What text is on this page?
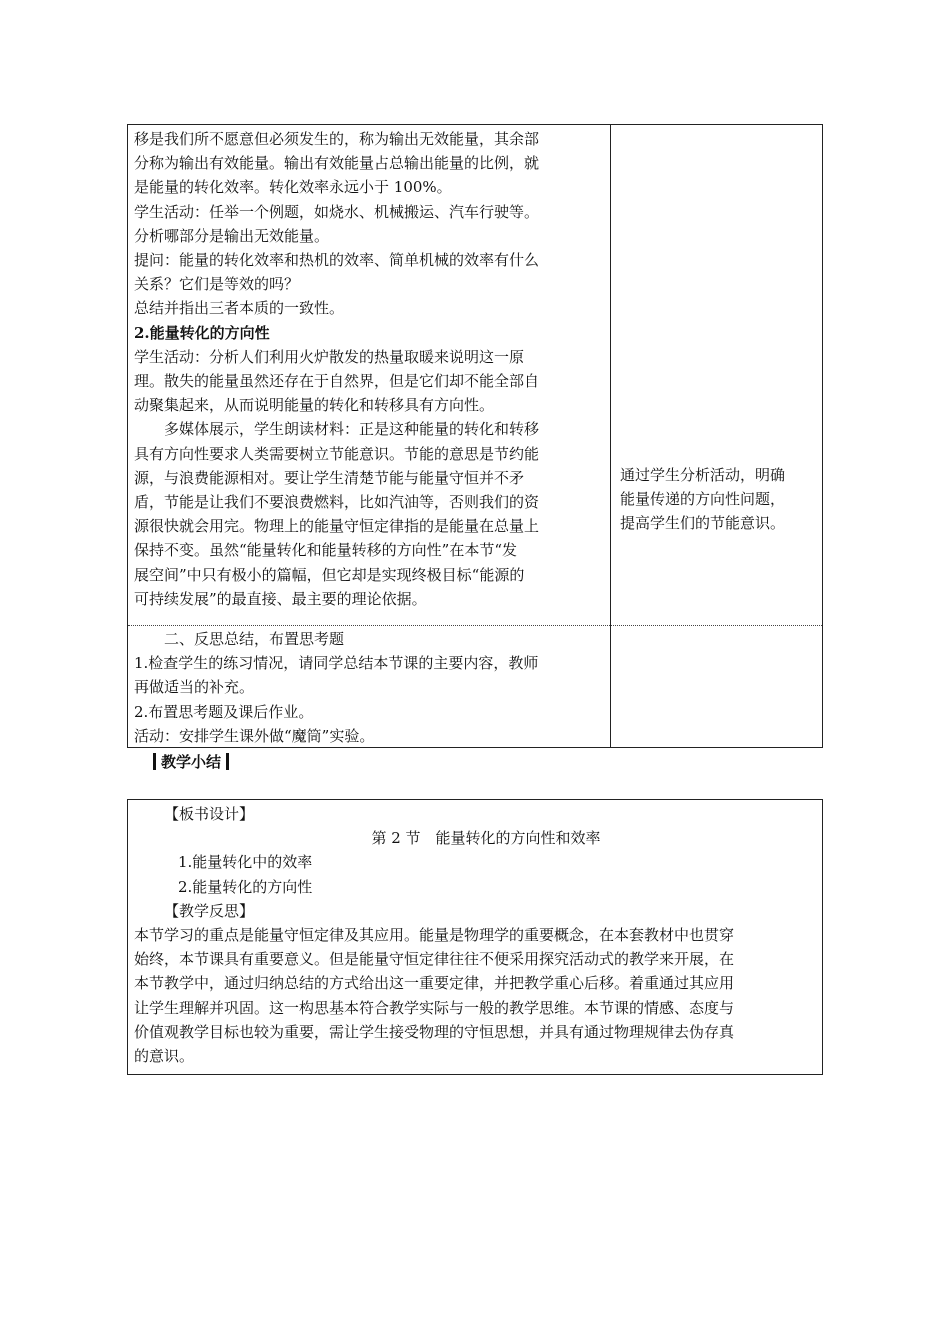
移是我们所不愿意但必须发生的，称为输出无效能量，其余部
分称为输出有效能量。输出有效能量占总输出能量的比例，就
是能量的转化效率。转化效率永远小于 100%。
学生活动：任举一个例题，如烧水、机械搬运、汽车行驶等。
分析哪部分是输出无效能量。
提问：能量的转化效率和热机的效率、简单机械的效率有什么
关系？它们是等效的吗？
总结并指出三者本质的一致性。
2.能量转化的方向性
学生活动：分析人们利用火炉散发的热量取暖来说明这一原
理。散失的能量虽然还存在于自然界，但是它们却不能全部自
动聚集起来，从而说明能量的转化和转移具有方向性。
多媒体展示，学生朗读材料：正是这种能量的转化和转移
具有方向性要求人类需要树立节能意识。节能的意思是节约能
源，与浪费能源相对。要让学生清楚节能与能量守恒并不矛
盾，节能是让我们不要浪费燃料，比如汽油等，否则我们的资
源很快就会用完。物理上的能量守恒定律指的是能量在总量上
保持不变。虽然“能量转化和能量转移的方向性”在本节“发
展空间”中只有极小的篇幅，但它却是实现终极目标“能源的
可持续发展”的最直接、最主要的理论依据。
通过学生分析活动，明确
能量传递的方向性问题，
提高学生们的节能意识。
二、反思总结，布置思考题
1.检查学生的练习情况，请同学总结本节课的主要内容，教师
再做适当的补充。
2.布置思考题及课后作业。
活动：安排学生课外做“魔筒”实验。
教学小结
【板书设计】
第 2 节　能量转化的方向性和效率
1.能量转化中的效率
2.能量转化的方向性
【教学反思】
本节学习的重点是能量守恒定律及其应用。能量是物理学的重要概念，在本套教材中也贯穿
始终，本节课具有重要意义。但是能量守恒定律往往不便采用探究活动式的教学来开展，在
本节教学中，通过归纳总结的方式给出这一重要定律，并把教学重心后移。着重通过其应用
让学生理解并巩固。这一构思基本符合教学实际与一般的教学思维。本节课的情感、态度与
价值观教学目标也较为重要，需让学生接受物理的守恒思想，并具有通过物理规律去伪存真
的意识。
